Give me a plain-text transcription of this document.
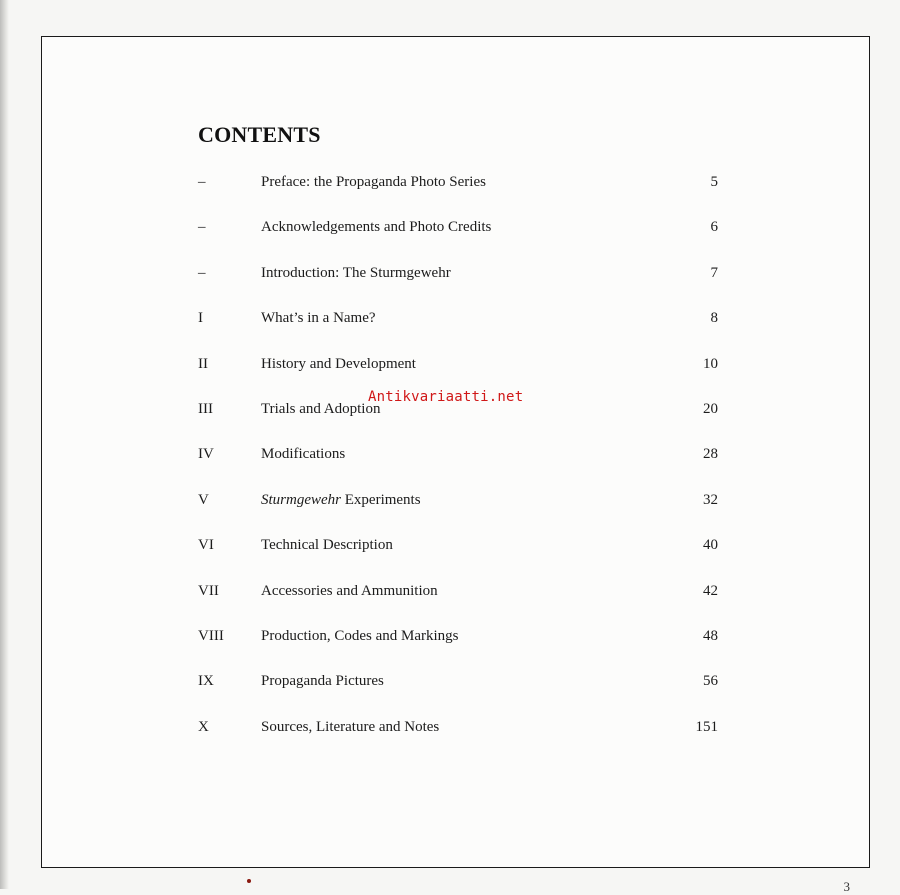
CONTENTS
–	Preface: the Propaganda Photo Series	5
–	Acknowledgements and Photo Credits	6
–	Introduction: The Sturmgewehr	7
I	What’s in a Name?	8
II	History and Development	10
III	Trials and Adoption	20
IV	Modifications	28
V	Sturmgewehr Experiments	32
VI	Technical Description	40
VII	Accessories and Ammunition	42
VIII	Production, Codes and Markings	48
IX	Propaganda Pictures	56
X	Sources, Literature and Notes	151
Antikvariaatti.net
3
